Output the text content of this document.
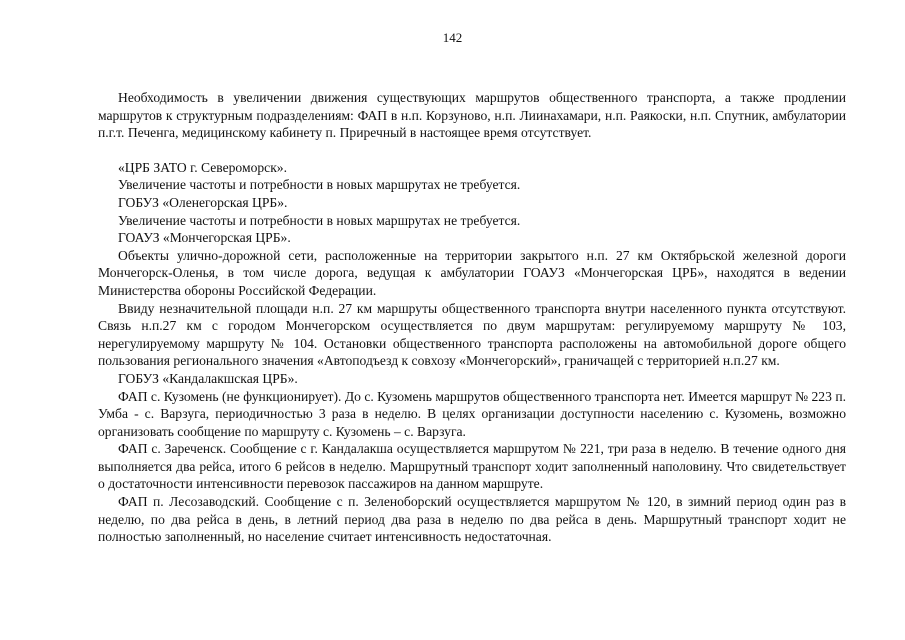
142

Необходимость в увеличении движения существующих маршрутов общественного транспорта, а также продлении маршрутов к структурным подразделениям: ФАП в н.п. Корзуново, н.п. Лиинахамари, н.п. Раякоски, н.п. Спутник, амбулатории п.г.т. Печенга, медицинскому кабинету п. Приречный в настоящее время отсутствует.

«ЦРБ ЗАТО г. Североморск».

Увеличение частоты и потребности в новых маршрутах не требуется.

ГОБУЗ «Оленегорская ЦРБ».

Увеличение частоты и потребности в новых маршрутах не требуется.

ГОАУЗ «Мончегорская ЦРБ».

Объекты улично-дорожной сети, расположенные на территории закрытого н.п. 27 км Октябрьской железной дороги Мончегорск-Оленья, в том числе дорога, ведущая к амбулатории ГОАУЗ «Мончегорская ЦРБ», находятся в ведении Министерства обороны Российской Федерации.

Ввиду незначительной площади н.п. 27 км маршруты общественного транспорта внутри населенного пункта отсутствуют. Связь н.п.27 км с городом Мончегорском осуществляется по двум маршрутам: регулируемому маршруту № 103, нерегулируемому маршруту № 104. Остановки общественного транспорта расположены на автомобильной дороге общего пользования регионального значения «Автоподъезд к совхозу «Мончегорский», граничащей с территорией н.п.27 км.

ГОБУЗ «Кандалакшская ЦРБ».

ФАП с. Кузомень (не функционирует). До с. Кузомень маршрутов общественного транспорта нет. Имеется маршрут № 223 п. Умба - с. Варзуга, периодичностью 3 раза в неделю. В целях организации доступности населению с. Кузомень, возможно организовать сообщение по маршруту с. Кузомень – с. Варзуга.

ФАП с. Зареченск. Сообщение с г. Кандалакша осуществляется маршрутом № 221, три раза в неделю. В течение одного дня выполняется два рейса, итого 6 рейсов в неделю. Маршрутный транспорт ходит заполненный наполовину. Что свидетельствует о достаточности интенсивности перевозок пассажиров на данном маршруте.

ФАП п. Лесозаводский. Сообщение с п. Зеленоборский осуществляется маршрутом № 120, в зимний период один раз в неделю, по два рейса в день, в летний период два раза в неделю по два рейса в день. Маршрутный транспорт ходит не полностью заполненный, но население считает интенсивность недостаточная.
